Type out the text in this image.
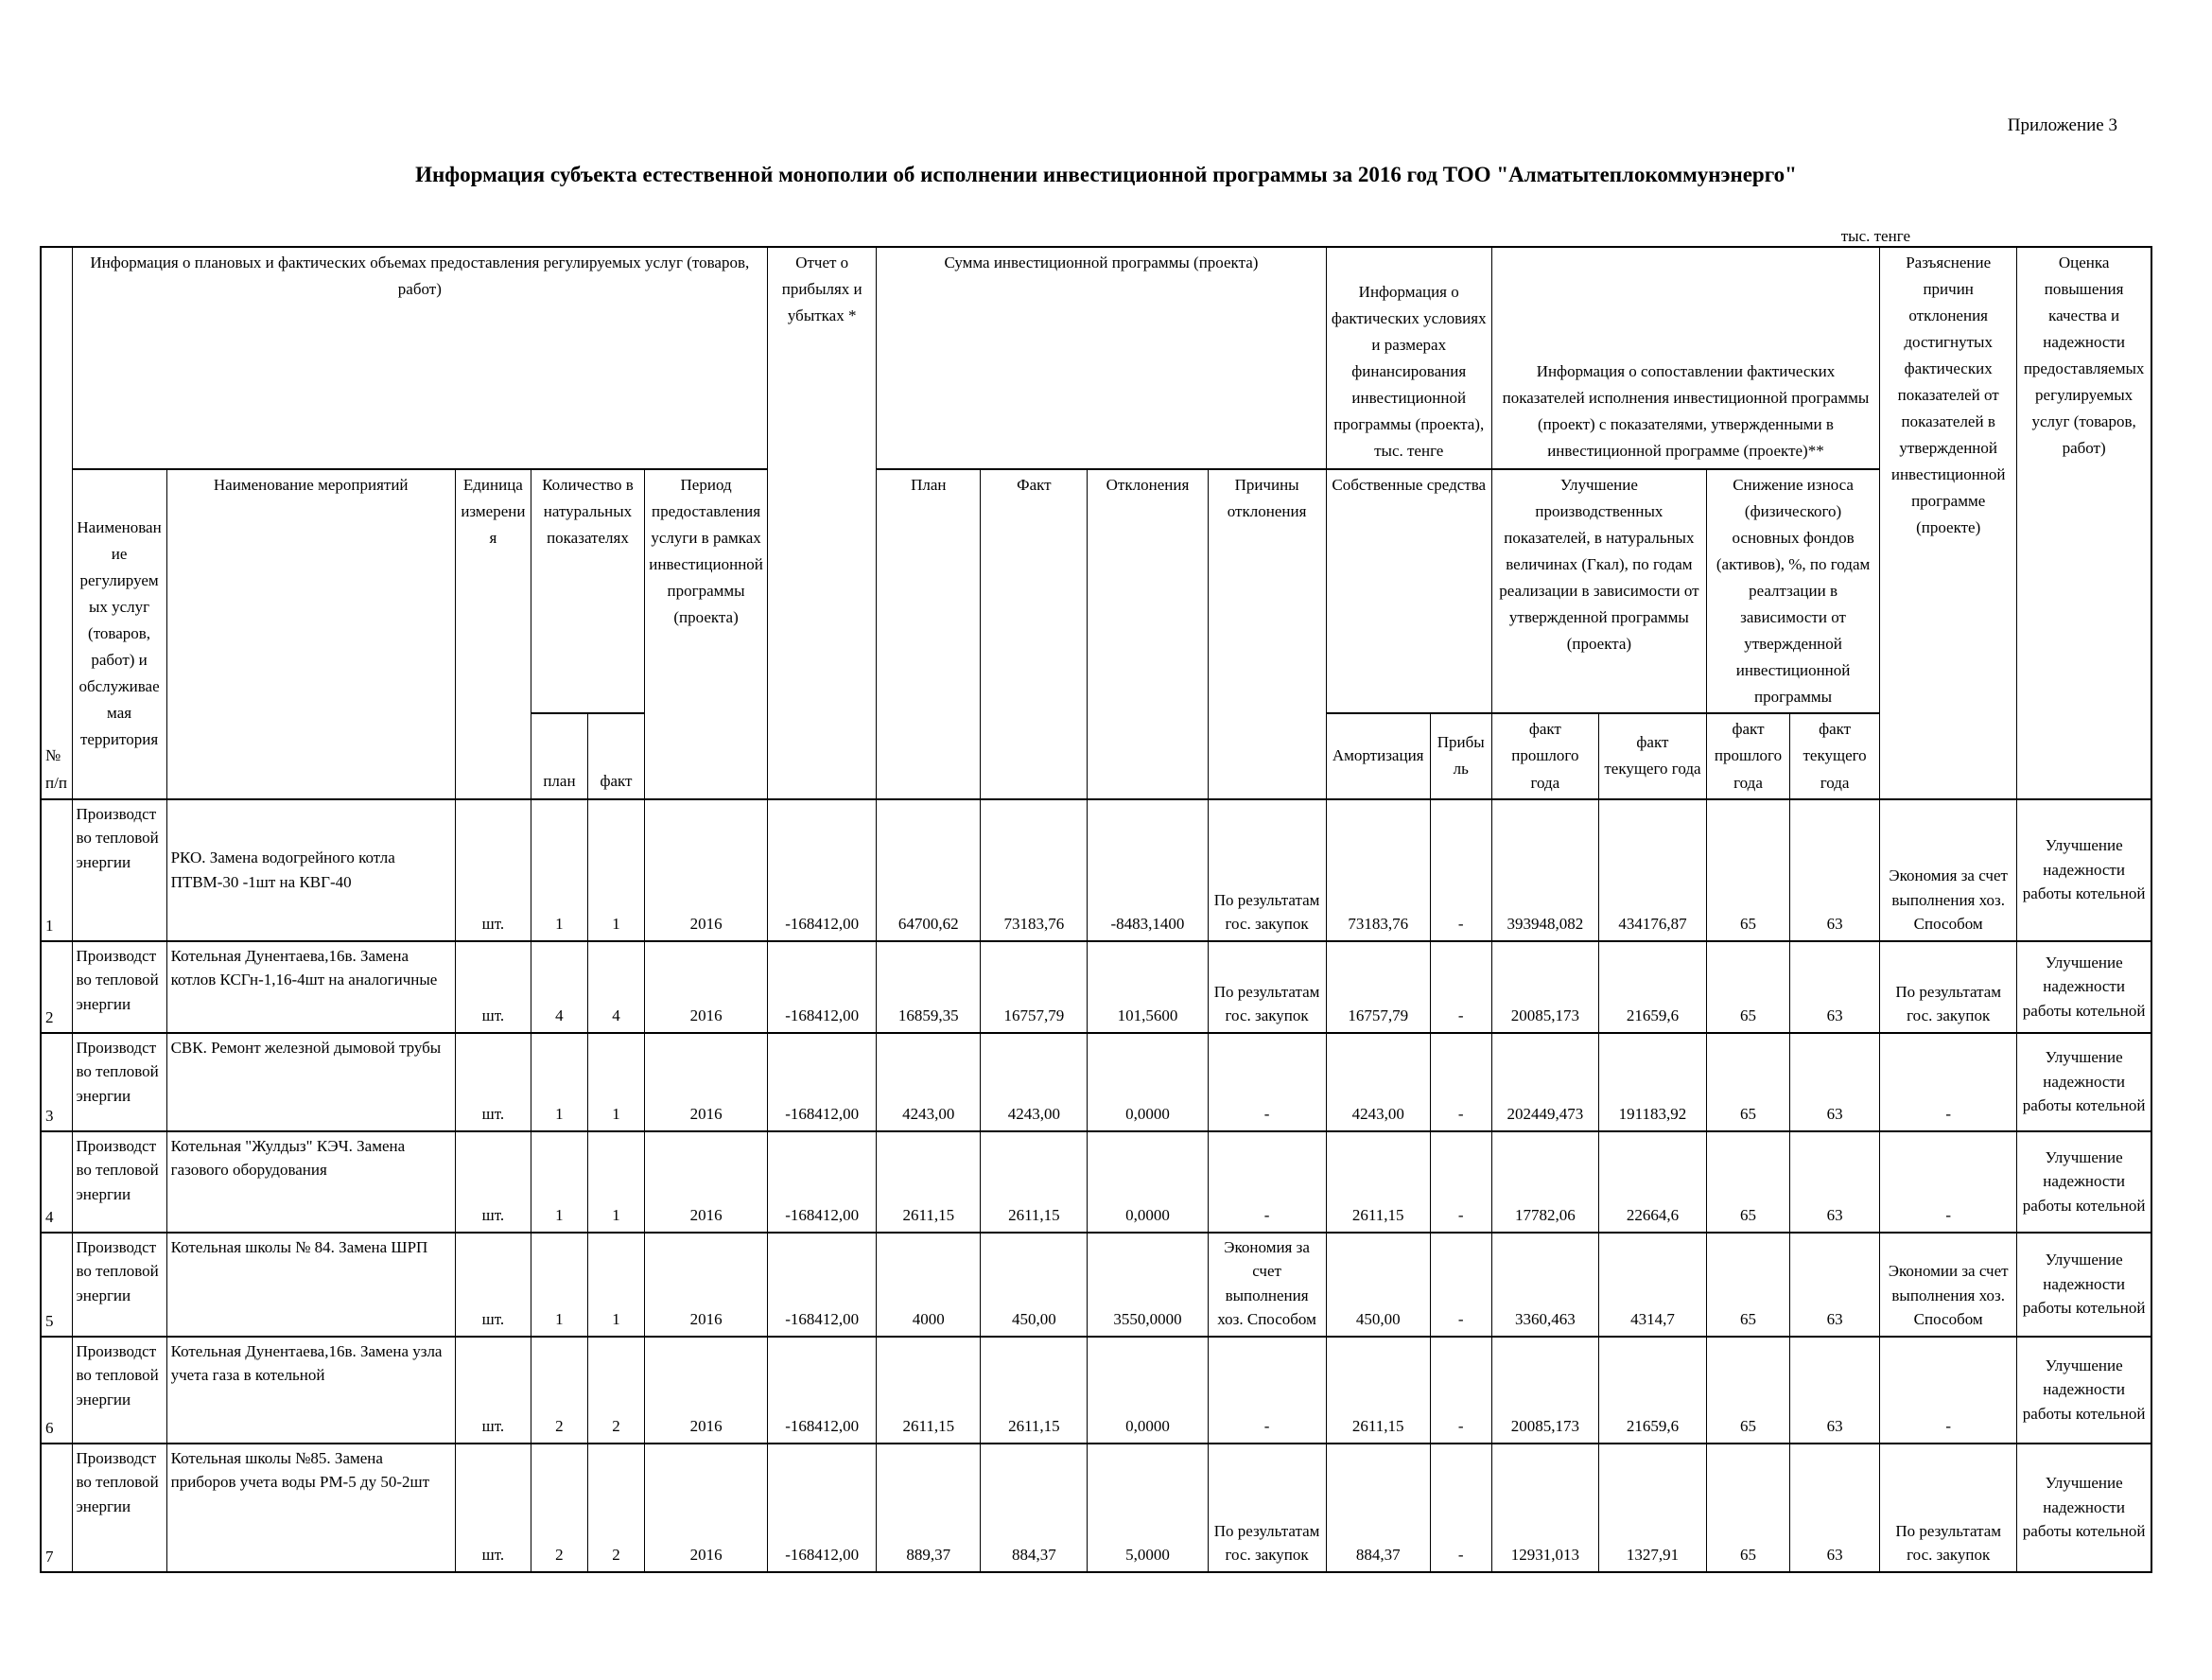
Приложение 3
Информация субъекта естественной монополии об исполнении инвестиционной программы за 2016 год ТОО "Алматытеплокоммунэнерго"
тыс. тенге
№ п/п	Информация о плановых и фактических объемах предоставления регулируемых услуг (товаров, работ)						Отчет о прибылях и убытках *	Сумма инвестиционной программы (проекта)				Информация о фактических условиях и размерах финансирования инвестиционной программы (проекта), тыс. тенге		Информация о сопоставлении фактических показателей исполнения инвестиционной программы (проект) с показателями, утвержденными в инвестиционной программе (проекте)**				Разъяснение причин отклонения достигнутых фактических показателей от показателей в утвержденной инвестиционной программе (проекте)	Оценка повышения качества и надежности предоставляемых регулируемых услуг (товаров, работ)
	Наименование регулируемых услуг (товаров, работ) и обслуживаемая территория	Наименование мероприятий	Единица измерения	Количество в натуральных показателях		Период предоставления услуги в рамках инвестиционной программы (проекта)		План	Факт	Отклонения	Причины отклонения	Собственные средства		Улучшение производственных показателей, в натуральных величинах (Гкал), по годам реализации в зависимости от утвержденной программы (проекта)		Снижение износа (физического) основных фондов (активов), %, по годам реалтзации в зависимости от утвержденной инвестиционной программы			
				план	факт							Амортизация	Прибыль	факт прошлого года	факт текущего года	факт прошлого года	факт текущего года		
1	Производство тепловой энергии	РКО. Замена водогрейного котла ПТВМ-30 -1шт на КВГ-40	шт.	1	1	2016	-168412,00	64700,62	73183,76	-8483,1400	По результатам гос. закупок	73183,76	-	393948,082	434176,87	65	63	Экономия за счет выполнения хоз. Способом	Улучшение надежности работы котельной
2	Производство тепловой энергии	Котельная Дунентаева,16в. Замена котлов КСГн-1,16-4шт на аналогичные	шт.	4	4	2016	-168412,00	16859,35	16757,79	101,5600	По результатам гос. закупок	16757,79	-	20085,173	21659,6	65	63	По результатам гос. закупок	Улучшение надежности работы котельной
3	Производство тепловой энергии	СВК. Ремонт железной дымовой трубы	шт.	1	1	2016	-168412,00	4243,00	4243,00	0,0000	-	4243,00	-	202449,473	191183,92	65	63	-	Улучшение надежности работы котельной
4	Производство тепловой энергии	Котельная "Жулдыз" КЭЧ. Замена газового оборудования	шт.	1	1	2016	-168412,00	2611,15	2611,15	0,0000	-	2611,15	-	17782,06	22664,6	65	63	-	Улучшение надежности работы котельной
5	Производство тепловой энергии	Котельная школы № 84. Замена ШРП	шт.	1	1	2016	-168412,00	4000	450,00	3550,0000	Экономия за счет выполнения хоз. Способом	450,00	-	3360,463	4314,7	65	63	Экономии за счет выполнения хоз. Способом	Улучшение надежности работы котельной
6	Производство тепловой энергии	Котельная Дунентаева,16в. Замена узла учета газа в котельной	шт.	2	2	2016	-168412,00	2611,15	2611,15	0,0000	-	2611,15	-	20085,173	21659,6	65	63	-	Улучшение надежности работы котельной
7	Производство тепловой энергии	Котельная школы №85. Замена приборов учета воды РМ-5 ду 50-2шт	шт.	2	2	2016	-168412,00	889,37	884,37	5,0000	По результатам гос. закупок	884,37	-	12931,013	1327,91	65	63	По результатам гос. закупок	Улучшение надежности работы котельной
